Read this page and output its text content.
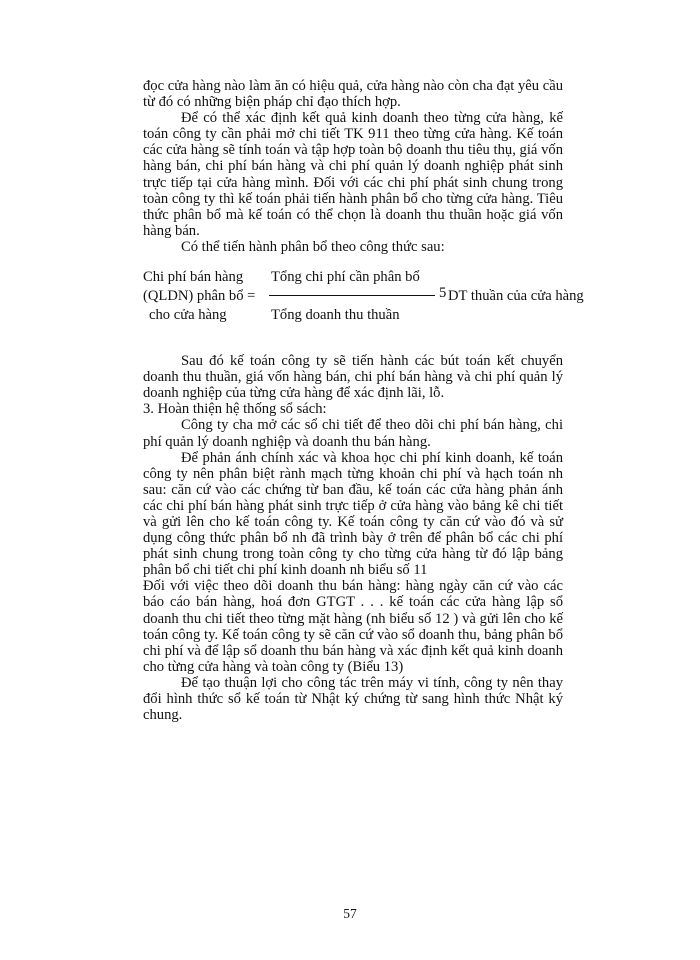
đọc cửa hàng nào làm ăn có hiệu quả, cửa hàng nào còn cha đạt yêu cầu từ đó có những biện pháp chỉ đạo thích hợp.

Để có thể xác định kết quả kinh doanh theo từng cửa hàng, kế toán công ty cần phải mở chi tiết TK 911 theo từng cửa hàng. Kế toán các cửa hàng sẽ tính toán và tập hợp toàn bộ doanh thu tiêu thụ, giá vốn hàng bán, chi phí bán hàng và chi phí quản lý doanh nghiệp phát sinh trực tiếp tại cửa hàng mình. Đối với các chi phí phát sinh chung trong toàn công ty thì kế toán phải tiến hành phân bổ cho từng cửa hàng. Tiêu thức phân bổ mà kế toán có thể chọn là doanh thu thuần hoặc giá vốn hàng bán.

Có thể tiến hành phân bổ theo công thức sau:

Chi phí bán hàng Tổng chi phí cần phân bổ
(QLDN) phân bổ =	5 DT thuần của cửa hàng
cho cửa hàng	Tổng doanh thu thuần

Sau đó kế toán công ty sẽ tiến hành các bút toán kết chuyển doanh thu thuần, giá vốn hàng bán, chi phí bán hàng và chi phí quản lý doanh nghiệp của từng cửa hàng để xác định lãi, lỗ.

3. Hoàn thiện hệ thống sổ sách:

Công ty cha mở các sổ chi tiết để theo dõi chi phí bán hàng, chi phí quản lý doanh nghiệp và doanh thu bán hàng.

Để phản ánh chính xác và khoa học chi phí kinh doanh, kế toán công ty nên phân biệt rành mạch từng khoản chi phí và hạch toán nh sau: căn cứ vào các chứng từ ban đầu, kế toán các cửa hàng phản ánh các chi phí bán hàng phát sinh trực tiếp ở cửa hàng vào bảng kê chi tiết và gửi lên cho kế toán công ty. Kế toán công ty căn cứ vào đó và sử dụng công thức phân bổ nh đã trình bày ở trên để phân bổ các chi phí phát sinh chung trong toàn công ty cho từng cửa hàng từ đó lập bảng phân bổ chi tiết chi phí kinh doanh nh biểu số 11

Đối với việc theo dõi doanh thu bán hàng: hàng ngày căn cứ vào các báo cáo bán hàng, hoá đơn GTGT . . . kế toán các cửa hàng lập sổ doanh thu chi tiết theo từng mặt hàng (nh biểu số 12 ) và gửi lên cho kế toán công ty. Kế toán công ty sẽ căn cứ vào sổ doanh thu, bảng phân bổ chi phí và để lập sổ doanh thu bán hàng và xác định kết quả kinh doanh cho từng cửa hàng và toàn công ty (Biểu 13)

Để tạo thuận lợi cho công tác trên máy vi tính, công ty nên thay đổi hình thức sổ kế toán từ Nhật ký chứng từ sang hình thức Nhật ký chung.

57
